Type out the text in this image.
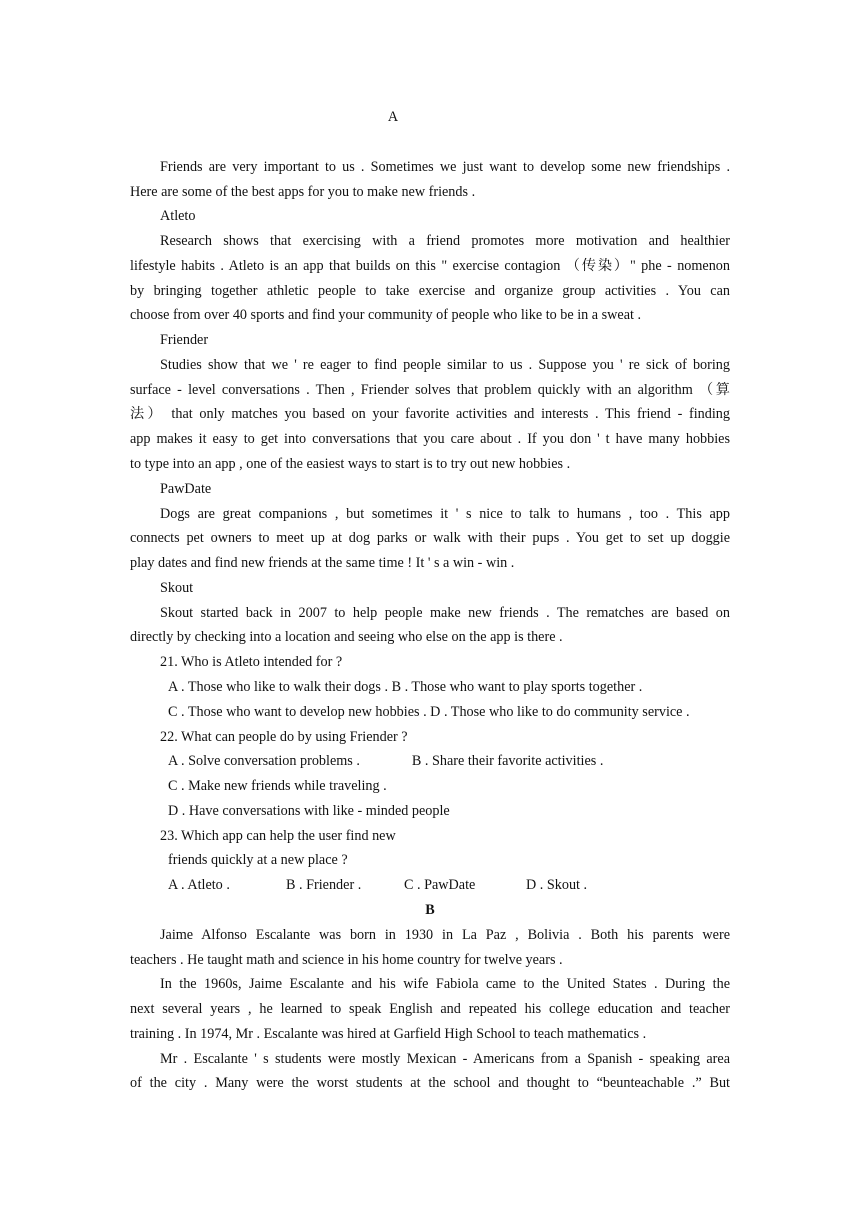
A
Friends are very important to us . Sometimes we just want to develop some new friendships .
Here are some of the best apps for you to make new friends .
Atleto
Research shows that exercising with a friend promotes more motivation and healthier
lifestyle habits . Atleto is an app that builds on this " exercise contagion （传染）" phe - nomenon
by bringing together athletic people to take exercise and organize group activities . You can
choose from over 40 sports and find your community of people who like to be in a sweat .
Friender
Studies show that we ' re eager to find people similar to us . Suppose you ' re sick of boring
surface - level conversations . Then , Friender solves that problem quickly with an algorithm （算
法） that only matches you based on your favorite activities and interests . This friend - finding
app makes it easy to get into conversations that you care about . If you don ' t have many hobbies
to type into an app , one of the easiest ways to start is to try out new hobbies .
PawDate
Dogs are great companions , but sometimes it ' s nice to talk to humans , too . This app
connects pet owners to meet up at dog parks or walk with their pups . You get to set up doggie
play dates and find new friends at the same time ! It ' s a win - win .
Skout
Skout started back in 2007 to help people make new friends . The rematches are based on
directly by checking into a location and seeing who else on the app is there .
21. Who is Atleto intended for ?
A . Those who like to walk their dogs . B . Those who want to play sports together .
C . Those who want to develop new hobbies . D . Those who like to do community service .
22. What can people do by using Friender ?
A . Solve conversation problems .	B . Share their favorite activities .
C . Make new friends while traveling .
D . Have conversations with like - minded people
23. Which app can help the user find new
friends quickly at a new place ?
A . Atleto .	B . Friender .	C . PawDate	D . Skout .
B
Jaime Alfonso Escalante was born in 1930 in La Paz , Bolivia . Both his parents were
teachers . He taught math and science in his home country for twelve years .
In the 1960s, Jaime Escalante and his wife Fabiola came to the United States . During the
next several years , he learned to speak English and repeated his college education and teacher
training . In 1974, Mr . Escalante was hired at Garfield High School to teach mathematics .
Mr . Escalante ' s students were mostly Mexican - Americans from a Spanish - speaking area
of the city . Many were the worst students at the school and thought to “beunteachable .” But
